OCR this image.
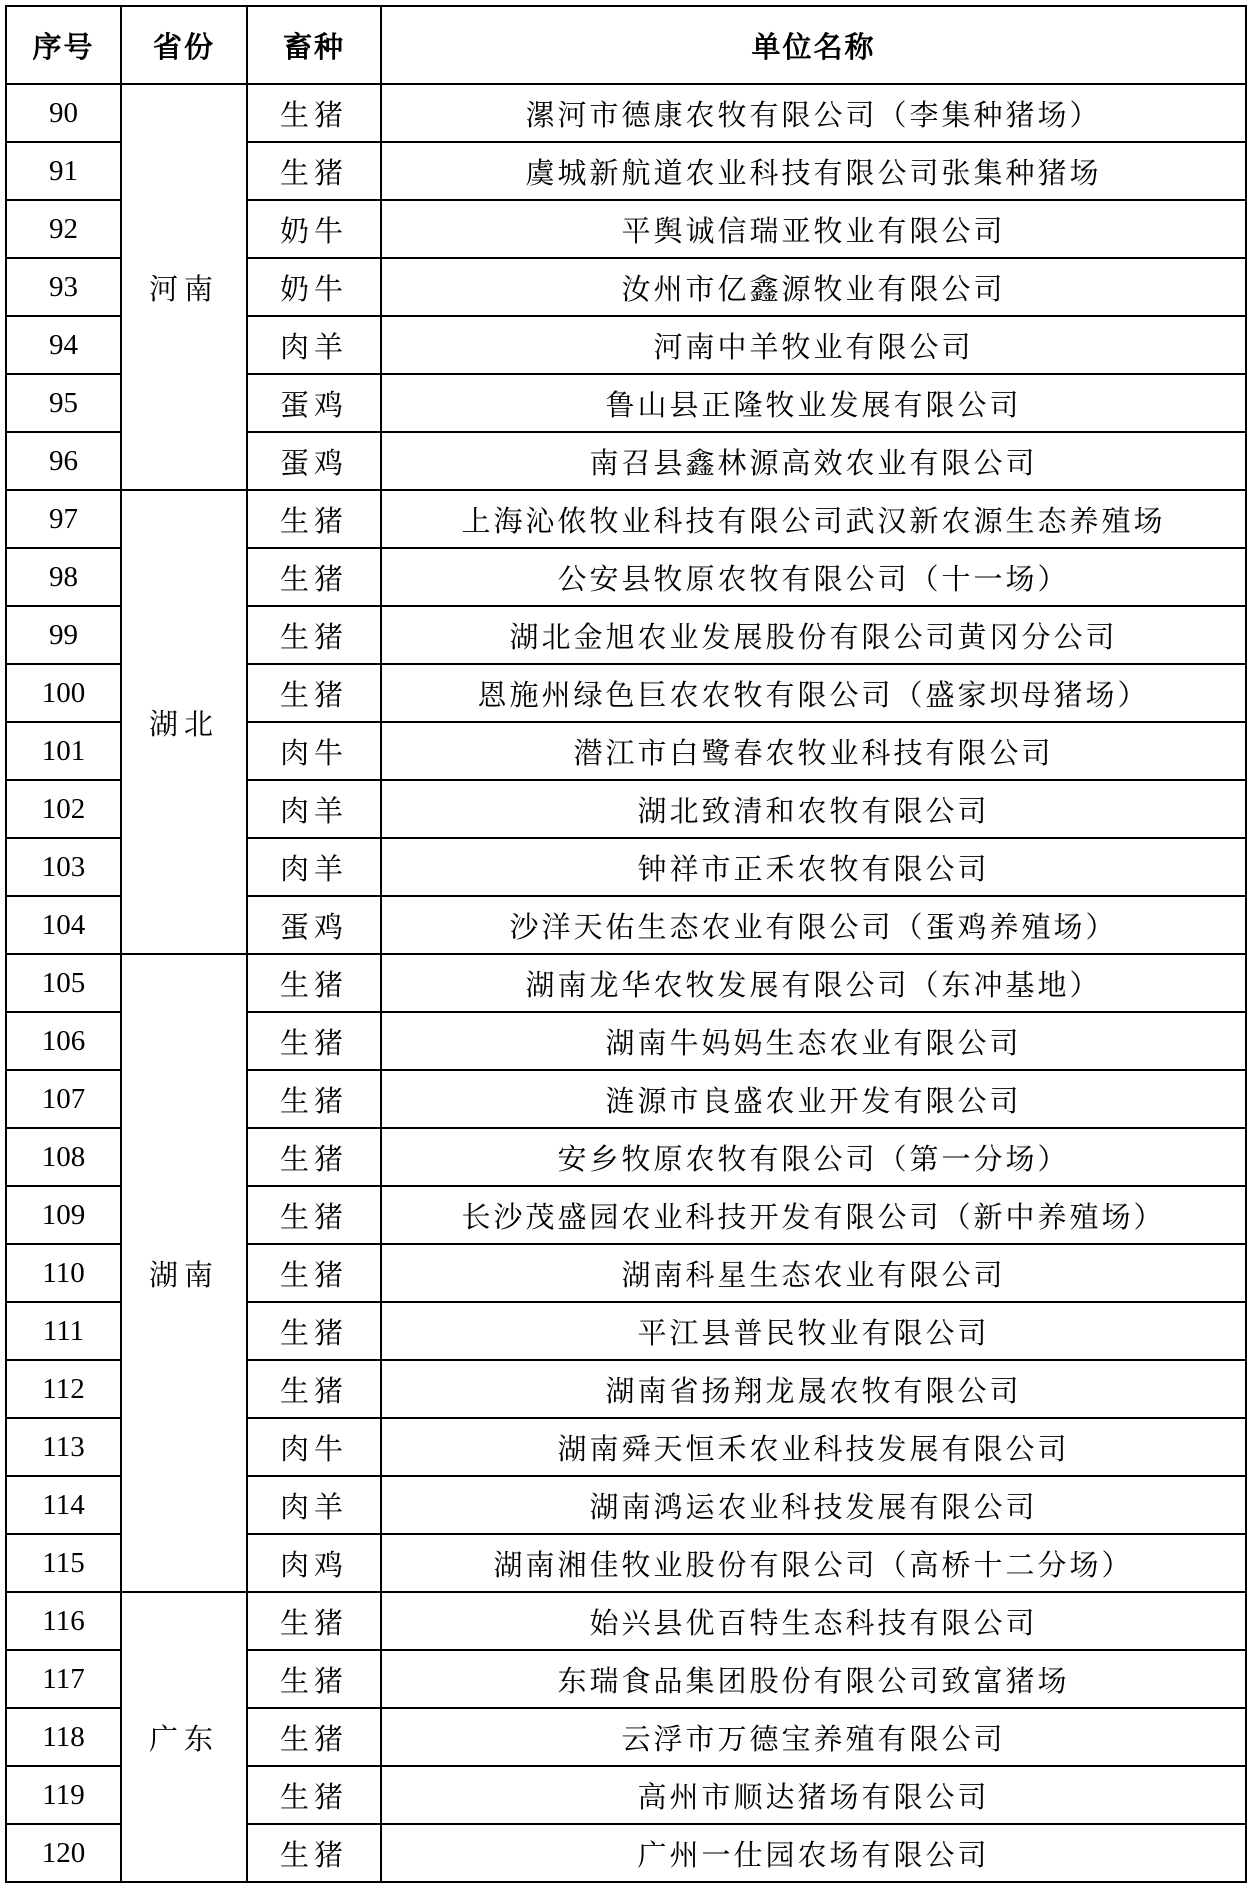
序号	省份	畜种	单位名称
90	河南	生猪	漯河市德康农牧有限公司（李集种猪场）
91		生猪	虞城新航道农业科技有限公司张集种猪场
92		奶牛	平舆诚信瑞亚牧业有限公司
93		奶牛	汝州市亿鑫源牧业有限公司
94		肉羊	河南中羊牧业有限公司
95		蛋鸡	鲁山县正隆牧业发展有限公司
96		蛋鸡	南召县鑫林源高效农业有限公司
97	湖北	生猪	上海沁侬牧业科技有限公司武汉新农源生态养殖场
98		生猪	公安县牧原农牧有限公司（十一场）
99		生猪	湖北金旭农业发展股份有限公司黄冈分公司
100		生猪	恩施州绿色巨农农牧有限公司（盛家坝母猪场）
101		肉牛	潜江市白鹭春农牧业科技有限公司
102		肉羊	湖北致清和农牧有限公司
103		肉羊	钟祥市正禾农牧有限公司
104		蛋鸡	沙洋天佑生态农业有限公司（蛋鸡养殖场）
105	湖南	生猪	湖南龙华农牧发展有限公司（东冲基地）
106		生猪	湖南牛妈妈生态农业有限公司
107		生猪	涟源市良盛农业开发有限公司
108		生猪	安乡牧原农牧有限公司（第一分场）
109		生猪	长沙茂盛园农业科技开发有限公司（新中养殖场）
110		生猪	湖南科星生态农业有限公司
111		生猪	平江县普民牧业有限公司
112		生猪	湖南省扬翔龙晟农牧有限公司
113		肉牛	湖南舜天恒禾农业科技发展有限公司
114		肉羊	湖南鸿运农业科技发展有限公司
115		肉鸡	湖南湘佳牧业股份有限公司（高桥十二分场）
116	广东	生猪	始兴县优百特生态科技有限公司
117		生猪	东瑞食品集团股份有限公司致富猪场
118		生猪	云浮市万德宝养殖有限公司
119		生猪	高州市顺达猪场有限公司
120		生猪	广州一仕园农场有限公司
